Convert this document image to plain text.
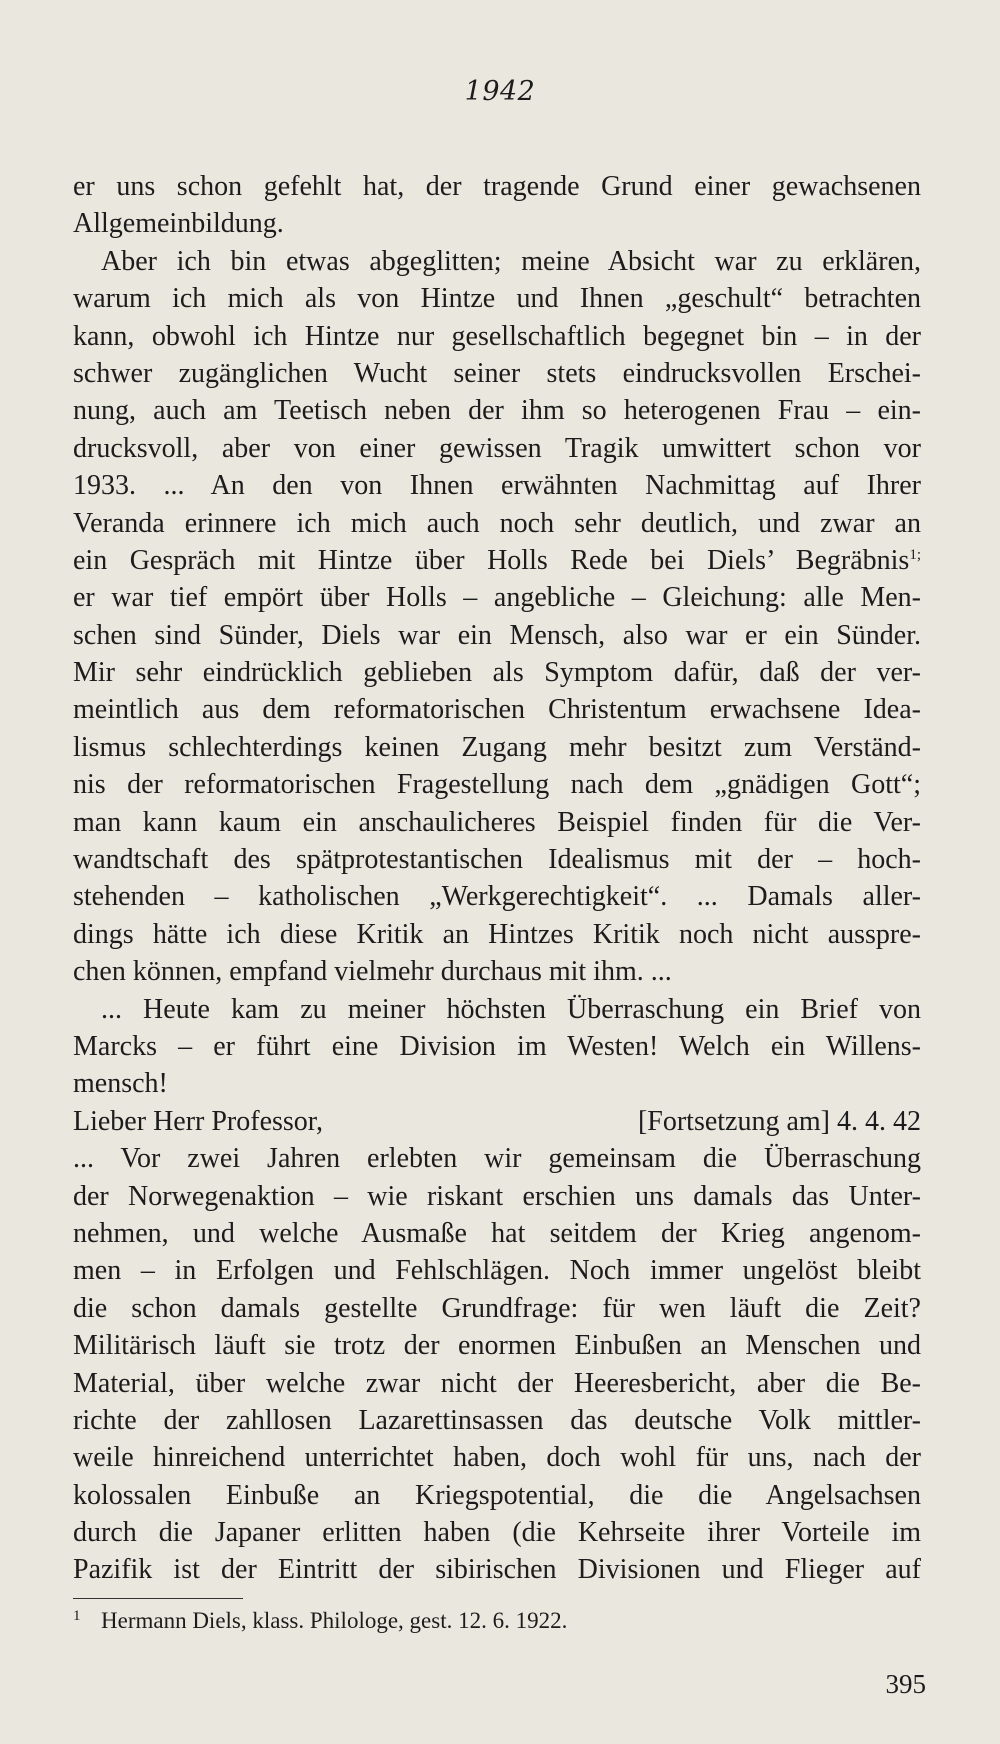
1942
er uns schon gefehlt hat, der tragende Grund einer gewachsenen
Allgemeinbildung.
Aber ich bin etwas abgeglitten; meine Absicht war zu erklären,
warum ich mich als von Hintze und Ihnen „geschult“ betrachten
kann, obwohl ich Hintze nur gesellschaftlich begegnet bin – in der
schwer zugänglichen Wucht seiner stets eindrucksvollen Erschei-
nung, auch am Teetisch neben der ihm so heterogenen Frau – ein-
drucksvoll, aber von einer gewissen Tragik umwittert schon vor
1933. ... An den von Ihnen erwähnten Nachmittag auf Ihrer
Veranda erinnere ich mich auch noch sehr deutlich, und zwar an
ein Gespräch mit Hintze über Holls Rede bei Diels’ Begräbnis$^{1;}$
er war tief empört über Holls – angebliche – Gleichung: alle Men-
schen sind Sünder, Diels war ein Mensch, also war er ein Sünder.
Mir sehr eindrücklich geblieben als Symptom dafür, daß der ver-
meintlich aus dem reformatorischen Christentum erwachsene Idea-
lismus schlechterdings keinen Zugang mehr besitzt zum Verständ-
nis der reformatorischen Fragestellung nach dem „gnädigen Gott“;
man kann kaum ein anschaulicheres Beispiel finden für die Ver-
wandtschaft des spätprotestantischen Idealismus mit der – hoch-
stehenden – katholischen „Werkgerechtigkeit“. ... Damals aller-
dings hätte ich diese Kritik an Hintzes Kritik noch nicht ausspre-
chen können, empfand vielmehr durchaus mit ihm. ...
... Heute kam zu meiner höchsten Überraschung ein Brief von
Marcks – er führt eine Division im Westen! Welch ein Willens-
mensch!
Lieber Herr Professor,	[Fortsetzung am] 4. 4. 42
... Vor zwei Jahren erlebten wir gemeinsam die Überraschung
der Norwegenaktion – wie riskant erschien uns damals das Unter-
nehmen, und welche Ausmaße hat seitdem der Krieg angenom-
men – in Erfolgen und Fehlschlägen. Noch immer ungelöst bleibt
die schon damals gestellte Grundfrage: für wen läuft die Zeit?
Militärisch läuft sie trotz der enormen Einbußen an Menschen und
Material, über welche zwar nicht der Heeresbericht, aber die Be-
richte der zahllosen Lazarettinsassen das deutsche Volk mittler-
weile hinreichend unterrichtet haben, doch wohl für uns, nach der
kolossalen Einbuße an Kriegspotential, die die Angelsachsen
durch die Japaner erlitten haben (die Kehrseite ihrer Vorteile im
Pazifik ist der Eintritt der sibirischen Divisionen und Flieger auf
1 Hermann Diels, klass. Philologe, gest. 12. 6. 1922.
395
